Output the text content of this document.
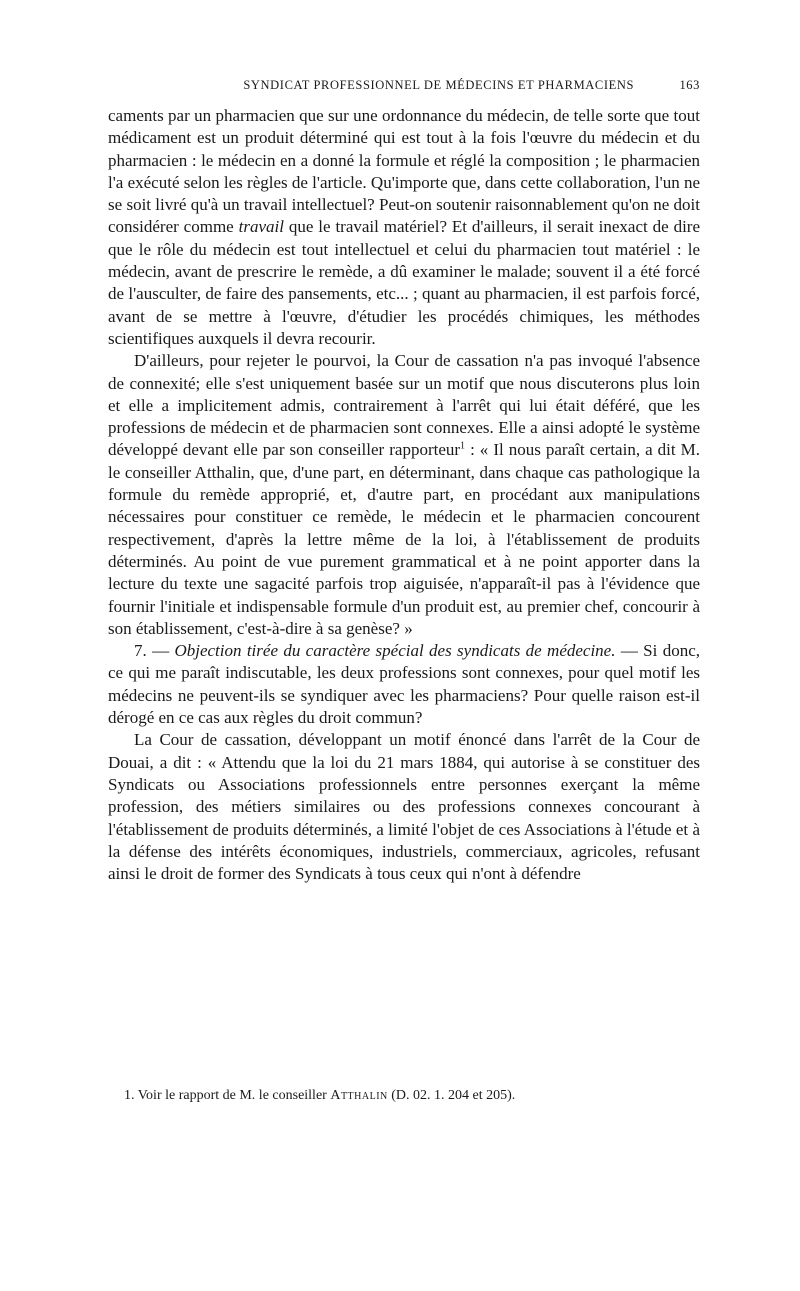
SYNDICAT PROFESSIONNEL DE MÉDECINS ET PHARMACIENS	163

caments par un pharmacien que sur une ordonnance du médecin, de telle sorte que tout médicament est un produit déterminé qui est tout à la fois l'œuvre du médecin et du pharmacien : le médecin en a donné la formule et réglé la composition ; le pharmacien l'a exécuté selon les règles de l'article. Qu'importe que, dans cette collaboration, l'un ne se soit livré qu'à un travail intellectuel? Peut-on soutenir raisonnablement qu'on ne doit considérer comme travail que le travail matériel? Et d'ailleurs, il serait inexact de dire que le rôle du médecin est tout intellectuel et celui du pharmacien tout matériel : le médecin, avant de prescrire le remède, a dû examiner le malade; souvent il a été forcé de l'ausculter, de faire des pansements, etc... ; quant au pharmacien, il est parfois forcé, avant de se mettre à l'œuvre, d'étudier les procédés chimiques, les méthodes scientifiques auxquels il devra recourir.

D'ailleurs, pour rejeter le pourvoi, la Cour de cassation n'a pas invoqué l'absence de connexité; elle s'est uniquement basée sur un motif que nous discuterons plus loin et elle a implicitement admis, contrairement à l'arrêt qui lui était déféré, que les professions de médecin et de pharmacien sont connexes. Elle a ainsi adopté le système développé devant elle par son conseiller rapporteur$^1$ : « Il nous paraît certain, a dit M. le conseiller Atthalin, que, d'une part, en déterminant, dans chaque cas pathologique la formule du remède approprié, et, d'autre part, en procédant aux manipulations nécessaires pour constituer ce remède, le médecin et le pharmacien concourent respectivement, d'après la lettre même de la loi, à l'établissement de produits déterminés. Au point de vue purement grammatical et à ne point apporter dans la lecture du texte une sagacité parfois trop aiguisée, n'apparaît-il pas à l'évidence que fournir l'initiale et indispensable formule d'un produit est, au premier chef, concourir à son établissement, c'est-à-dire à sa genèse? »

7. — Objection tirée du caractère spécial des syndicats de médecine. — Si donc, ce qui me paraît indiscutable, les deux professions sont connexes, pour quel motif les médecins ne peuvent-ils se syndiquer avec les pharmaciens? Pour quelle raison est-il dérogé en ce cas aux règles du droit commun?

La Cour de cassation, développant un motif énoncé dans l'arrêt de la Cour de Douai, a dit : « Attendu que la loi du 21 mars 1884, qui autorise à se constituer des Syndicats ou Associations professionnels entre personnes exerçant la même profession, des métiers similaires ou des professions connexes concourant à l'établissement de produits déterminés, a limité l'objet de ces Associations à l'étude et à la défense des intérêts économiques, industriels, commerciaux, agricoles, refusant ainsi le droit de former des Syndicats à tous ceux qui n'ont à défendre

1. Voir le rapport de M. le conseiller Atthalin (D. 02. 1. 204 et 205).
